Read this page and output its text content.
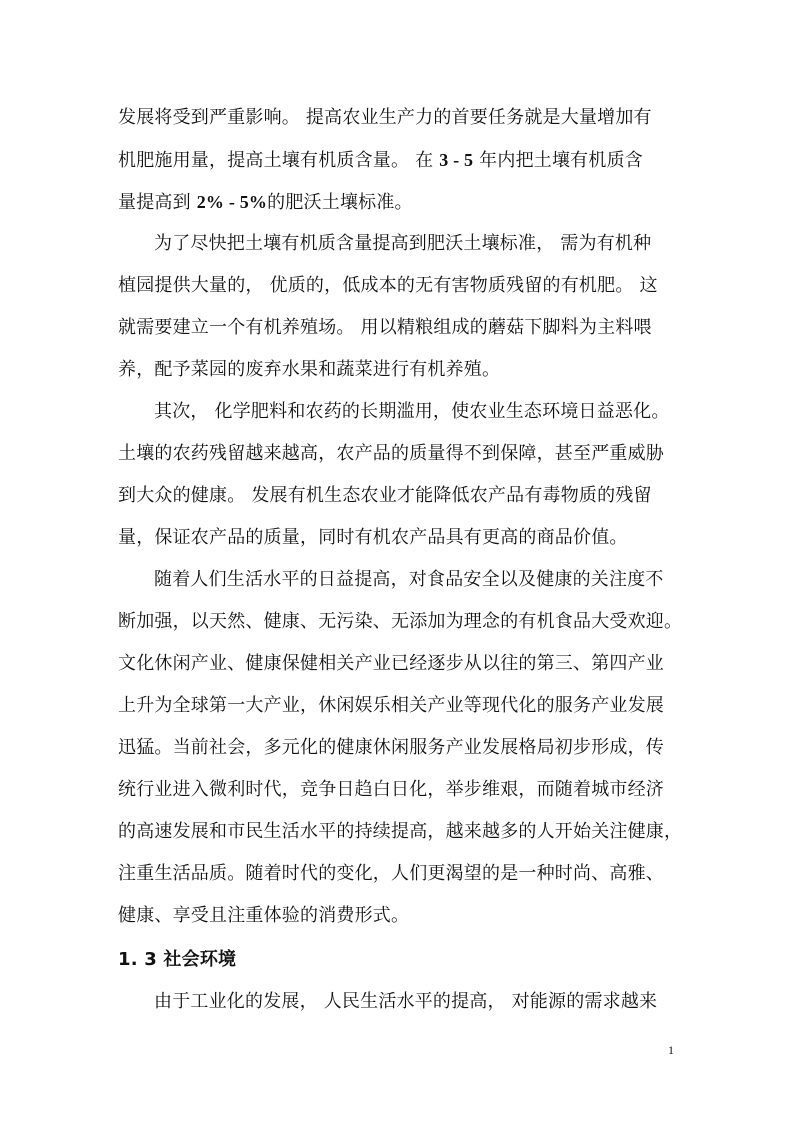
发展将受到严重影响。 提高农业生产力的首要任务就是大量增加有
机肥施用量，提高土壤有机质含量。 在 3 - 5 年内把土壤有机质含
量提高到 2% - 5%的肥沃土壤标准。
为了尽快把土壤有机质含量提高到肥沃土壤标准， 需为有机种
植园提供大量的， 优质的，低成本的无有害物质残留的有机肥。 这
就需要建立一个有机养殖场。 用以精粮组成的蘑菇下脚料为主料喂
养，配予菜园的废弃水果和蔬菜进行有机养殖。
其次， 化学肥料和农药的长期滥用，使农业生态环境日益恶化。
土壤的农药残留越来越高，农产品的质量得不到保障，甚至严重威胁
到大众的健康。 发展有机生态农业才能降低农产品有毒物质的残留
量，保证农产品的质量，同时有机农产品具有更高的商品价值。
随着人们生活水平的日益提高，对食品安全以及健康的关注度不
断加强，以天然、健康、无污染、无添加为理念的有机食品大受欢迎。
文化休闲产业、健康保健相关产业已经逐步从以往的第三、第四产业
上升为全球第一大产业，休闲娱乐相关产业等现代化的服务产业发展
迅猛。当前社会，多元化的健康休闲服务产业发展格局初步形成，传
统行业进入微利时代，竞争日趋白日化，举步维艰，而随着城市经济
的高速发展和市民生活水平的持续提高，越来越多的人开始关注健康，
注重生活品质。随着时代的变化，人们更渴望的是一种时尚、高雅、
健康、享受且注重体验的消费形式。
1. 3 社会环境
由于工业化的发展， 人民生活水平的提高， 对能源的需求越来
1
